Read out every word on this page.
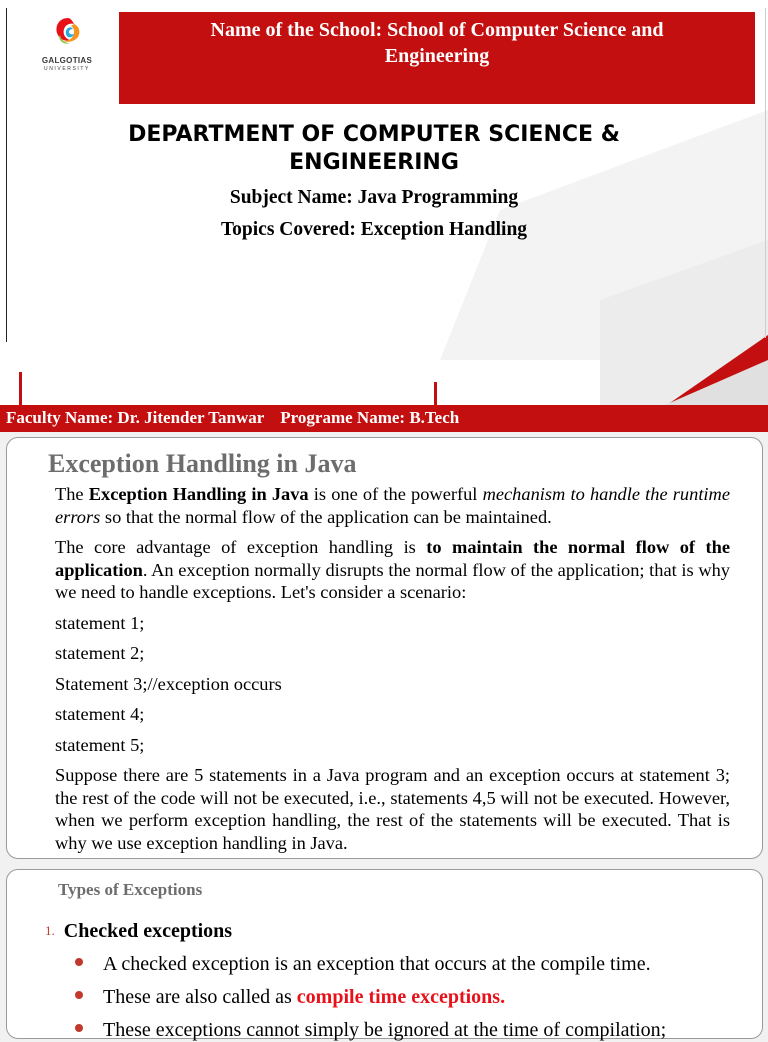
GALGOTIAS
UNIVERSITY
Name of the School: School of Computer Science and Engineering
DEPARTMENT OF COMPUTER SCIENCE & ENGINEERING
Subject Name: Java Programming
Topics Covered: Exception Handling
Faculty Name: Dr. Jitender Tanwar Programe Name: B.Tech
Exception Handling in Java

The Exception Handling in Java is one of the powerful mechanism to handle the runtime errors so that the normal flow of the application can be maintained.

The core advantage of exception handling is to maintain the normal flow of the application. An exception normally disrupts the normal flow of the application; that is why we need to handle exceptions. Let's consider a scenario:

statement 1;
statement 2;
Statement 3;//exception occurs
statement 4;
statement 5;

Suppose there are 5 statements in a Java program and an exception occurs at statement 3; the rest of the code will not be executed, i.e., statements 4,5 will not be executed. However, when we perform exception handling, the rest of the statements will be executed. That is why we use exception handling in Java.

Types of Exceptions
1. Checked exceptions
A checked exception is an exception that occurs at the compile time.
These are also called as compile time exceptions.
These exceptions cannot simply be ignored at the time of compilation;
